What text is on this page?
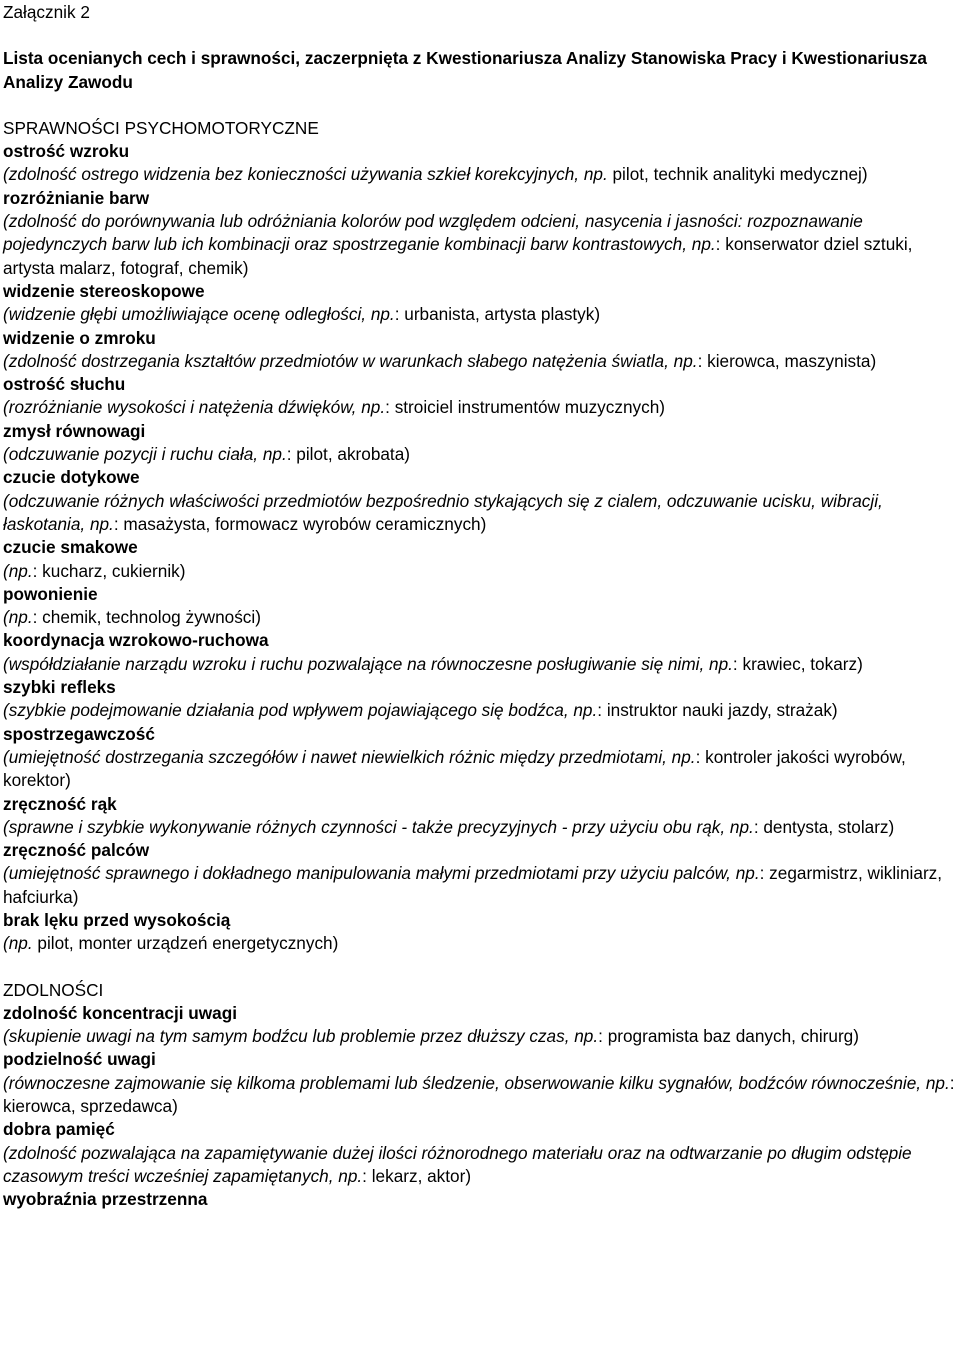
Załącznik 2

Lista ocenianych cech i sprawności, zaczerpnięta z Kwestionariusza Analizy Stanowiska Pracy i Kwestionariusza Analizy Zawodu

SPRAWNOŚCI PSYCHOMOTORYCZNE

ostrość wzroku
(zdolność ostrego widzenia bez konieczności używania szkieł korekcyjnych, np. pilot, technik analityki medycznej)
rozróżnianie barw
(zdolność do porównywania lub odróżniania kolorów pod względem odcieni, nasycenia i jasności: rozpoznawanie pojedynczych barw lub ich kombinacji oraz spostrzeganie kombinacji barw kontrastowych, np.: konserwator dziel sztuki, artysta malarz, fotograf, chemik)
widzenie stereoskopowe
(widzenie głębi umożliwiające ocenę odległości, np.: urbanista, artysta plastyk)
widzenie o zmroku
(zdolność dostrzegania kształtów przedmiotów w warunkach słabego natężenia światla, np.: kierowca, maszynista)
ostrość słuchu
(rozróżnianie wysokości i natężenia dźwięków, np.: stroiciel instrumentów muzycznych)
zmysł równowagi
(odczuwanie pozycji i ruchu ciała, np.: pilot, akrobata)
czucie dotykowe
(odczuwanie różnych właściwości przedmiotów bezpośrednio stykających się z cialem, odczuwanie ucisku, wibracji, łaskotania, np.: masażysta, formowacz wyrobów ceramicznych)
czucie smakowe
(np.: kucharz, cukiernik)
powonienie
(np.: chemik, technolog żywności)
koordynacja wzrokowo-ruchowa
(współdziałanie narządu wzroku i ruchu pozwalające na równoczesne posługiwanie się nimi, np.: krawiec, tokarz)
szybki refleks
(szybkie podejmowanie działania pod wpływem pojawiającego się bodźca, np.: instruktor nauki jazdy, strażak)
spostrzegawczość
(umiejętność dostrzegania szczegółów i nawet niewielkich różnic między przedmiotami, np.: kontroler jakości wyrobów, korektor)
zręczność rąk
(sprawne i szybkie wykonywanie różnych czynności - także precyzyjnych - przy użyciu obu rąk, np.: dentysta, stolarz)
zręczność palców
(umiejętność sprawnego i dokładnego manipulowania małymi przedmiotami przy użyciu palców, np.: zegarmistrz, wikliniarz, hafciurka)
brak lęku przed wysokością
(np. pilot, monter urządzeń energetycznych)

ZDOLNOŚCI

zdolność koncentracji uwagi
(skupienie uwagi na tym samym bodźcu lub problemie przez dłuższy czas, np.: programista baz danych, chirurg)
podzielność uwagi
(równoczesne zajmowanie się kilkoma problemami lub śledzenie, obserwowanie kilku sygnałów, bodźców równocześnie, np.: kierowca, sprzedawca)
dobra pamięć
(zdolność pozwalająca na zapamiętywanie dużej ilości różnorodnego materiału oraz na odtwarzanie po długim odstępie czasowym treści wcześniej zapamiętanych, np.: lekarz, aktor)
wyobraźnia przestrzenna
